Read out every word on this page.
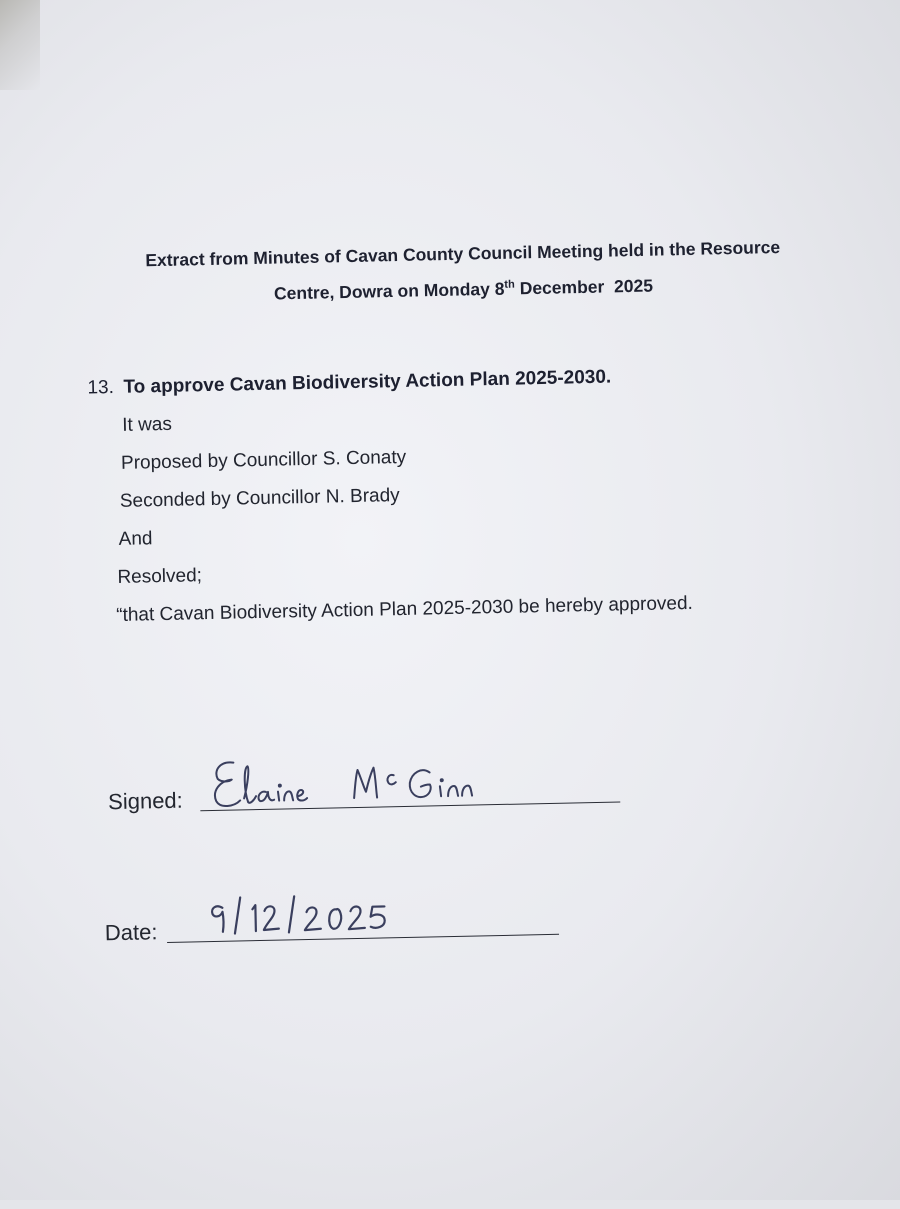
Extract from Minutes of Cavan County Council Meeting held in the Resource
Centre, Dowra on Monday 8th December  2025
13. To approve Cavan Biodiversity Action Plan 2025-2030.
It was
Proposed by Councillor S. Conaty
Seconded by Councillor N. Brady
And
Resolved;
“that Cavan Biodiversity Action Plan 2025-2030 be hereby approved.
Signed:
Date:
